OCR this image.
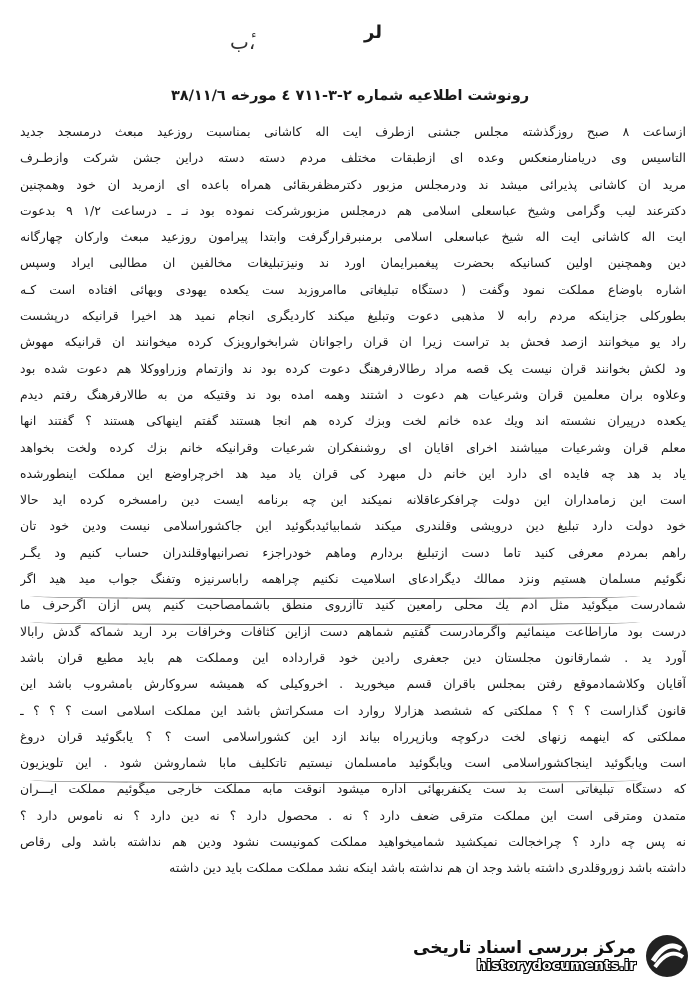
لر
ب،ٔ
رونوشت اطلاعیه شماره ۲-۳-۷۱۱ ٤ مورخه ۳۸/۱۱/٦
ازساعت ۸ صبح روزگذشته مجلس جشنی ازطرف ایت اله کاشانی بمناسبت روزعید مبعث درمسجد جدید
التاسیس وی دریامنارمنعکس وعده ای ازطبقات مختلف مردم دسته دسته دراین جشن شرکت وازطـرف
مرید ان کاشانی پذیرائی میشد ند ودرمجلس مزبور دکترمظفربقائی همراه باعده ای ازمرید ان خود وهمچنین
دکترعند لیب وگرامی وشیخ عباسعلی اسلامی هم درمجلس مزبورشرکت نموده بود نـ ـ درساعت ۱/۲ ۹ بدعوت
ایت اله کاشانی ایت اله شیخ عباسعلی اسلامی برمنبرقرارگرفت وابتدا پیرامون روزعید مبعث وارکان چهارگانه
دین وهمچنین اولین کسانیکه بحضرت پیغمبرایمان اورد ند ونیزتبلیغات مخالفین ان مطالبی ایراد وسپس
اشاره باوضاع مملکت نمود وگفت ( دستگاه تبلیغاتی ماامروزبد ست یکعده یهودی وبهائی افتاده است کـه
بطورکلی جزاینکه مردم رابه لا مذهبی دعوت وتبلیغ میکند کاردیگری انجام نمید هد اخیرا قرانیکه درپشست
راد یو میخوانند ازصد فحش بد تراست زیرا ان قران راجوانان شرابخوارویزک کرده میخوانند ان قرانیکه مهوش
ود لکش بخوانند قران نیست یک قصه مراد رطالارفرهنگ دعوت کرده بود ند وازتمام وزراووکلا هم دعوت شده بود
وعلاوه بران معلمین قران وشرعیات هم دعوت د اشتند وهمه امده بود ند وقتیکه من به طالارفرهنگ رفتم دیدم
یکعده درپیران نشسته اند ویك عده خانم لخت وبزك کرده هم انجا هستند گفتم اینهاکی هستند ؟ گفتند انها
معلم قران وشرعیات میباشند اخرای اقایان ای روشنفکران شرعیات وقرانیکه خانم بزك کرده ولخت بخواهد
یاد بد هد چه فایده ای دارد این خانم دل مبهرد کی قران یاد مید هد اخرچراوضع این مملکت اینطورشده
است این زمامداران این دولت چرافکرعاقلانه نمیکند این چه برنامه ایست دین رامسخره کرده اید حالا
خود دولت دارد تبلیغ دین درویشی وقلندری میکند شمابیائیدبگوئید این جاکشوراسلامی نیست ودین خود تان
راهم بمردم معرفی کنید تاما دست ازتبلیغ بردارم وماهم خودراجزء نصرانیهاوقلندران حساب کنیم ود یگـر
نگوئیم مسلمان هستیم ونزد ممالك دیگرادعای اسلامیت نکنیم چراهمه راباسرنیزه وتفنگ جواب مید هید اگر
شمادرست میگوئید مثل ادم یك محلی رامعین کنید تاازروی منطق باشمامصاحبت کنیم پس ازان اگرحرف ما
درست بود ماراطاعت مینمائیم واگرمادرست گفتیم شماهم دست ازاین کثافات وخرافات برد ارید شماکه گدش رابالا
آورد ید . شمارقانون مجلستان دین جعفری رادین خود قرارداده این ومملکت هم باید مطیع قران باشد
آقایان وکلاشمادموقع رفتن بمجلس باقران قسم میخورید . اخروکیلی که همیشه سروکارش بامشروب باشد این
قانون گذاراست ؟ ؟ ؟ مملکتی که ششصد هزارلا روارد ات مسکراتش باشد این مملکت اسلامی است ؟ ؟ ؟ ـ
مملکتی که اینهمه زنهای لخت درکوچه وبازپرراه بیاند ازد این کشوراسلامی است ؟ ؟ یابگوئید قران دروغ
است ویابگوئید اینجاکشوراسلامی است ویابگوئید مامسلمان نیستیم تاتکلیف مابا شماروشن شود . این تلویزیون
که دستگاه تبلیغاتی است بد ست یکنفربهائی اداره میشود انوقت مابه مملکت خارجی میگوئیم مملکت ایـــران
متمدن ومترقی است این مملکت مترقی ضعف دارد ؟ نه . محصول دارد ؟ نه دین دارد ؟ نه ناموس دارد ؟
نه پس چه دارد ؟ چراخجالت نمیکشید شمامیخواهید مملکت کمونیست نشود ودین هم نداشته باشد ولی رقاص
داشته باشد زوروقلدری داشته باشد وجد ان هم نداشته باشد اینکه نشد مملکت مملکت باید دین داشته
مرکز بررسی اسناد تاریخی
historydocuments.ir
